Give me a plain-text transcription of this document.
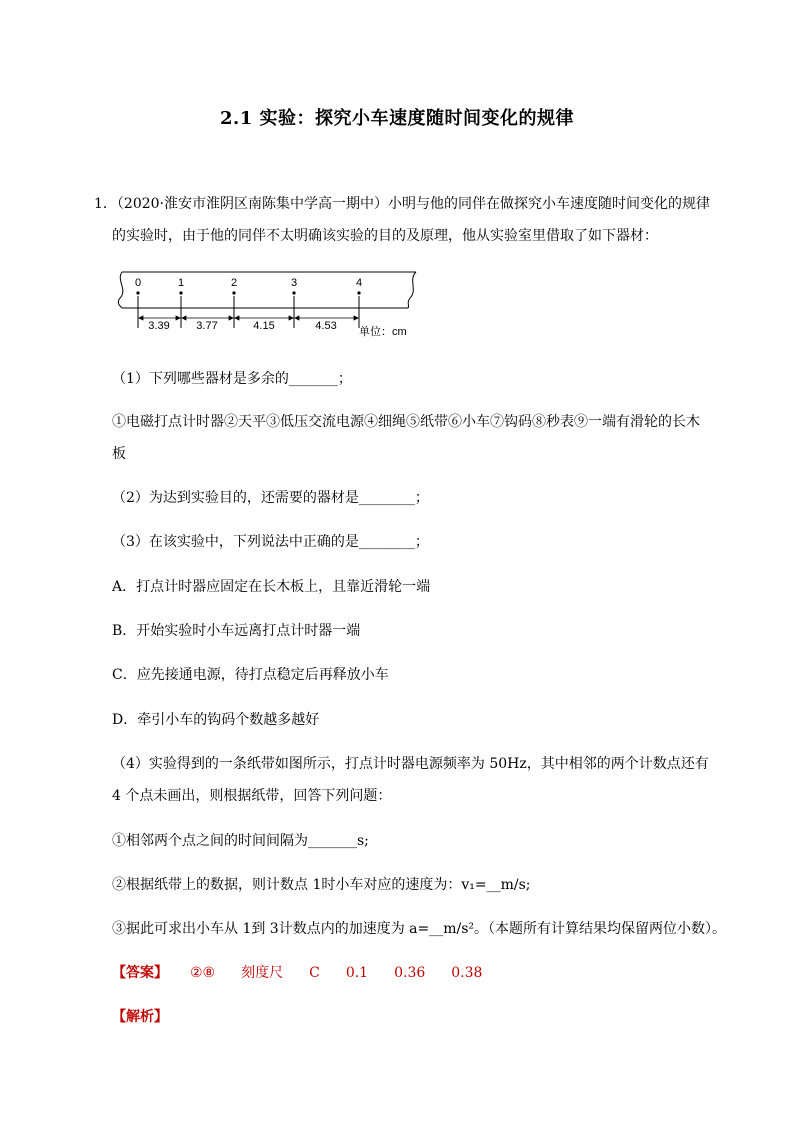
2.1 实验：探究小车速度随时间变化的规律
1．（2020·淮安市淮阴区南陈集中学高一期中）小明与他的同伴在做探究小车速度随时间变化的规律
的实验时，由于他的同伴不太明确该实验的目的及原理，他从实验室里借取了如下器材：
0	1	2	3	4
3.39 3.77	4.15	4.53 单位：cm
（1）下列哪些器材是多余的_______；
①电磁打点计时器②天平③低压交流电源④细绳⑤纸带⑥小车⑦钩码⑧秒表⑨一端有滑轮的长木
板
（2）为达到实验目的，还需要的器材是________；
（3）在该实验中，下列说法中正确的是________；
A．打点计时器应固定在长木板上，且靠近滑轮一端
B．开始实验时小车远离打点计时器一端
C．应先接通电源，待打点稳定后再释放小车
D．牵引小车的钩码个数越多越好
（4）实验得到的一条纸带如图所示，打点计时器电源频率为 50Hz，其中相邻的两个计数点还有
4 个点未画出，则根据纸带，回答下列问题：
①相邻两个点之间的时间间隔为_______s;
②根据纸带上的数据，则计数点 1时小车对应的速度为：v₁=__m/s;
③据此可求出小车从 1到 3计数点内的加速度为 a=__m/s²。（本题所有计算结果均保留两位小数）。
【答案】 ②⑧ 刻度尺 C 0.1 0.36 0.38
【解析】
